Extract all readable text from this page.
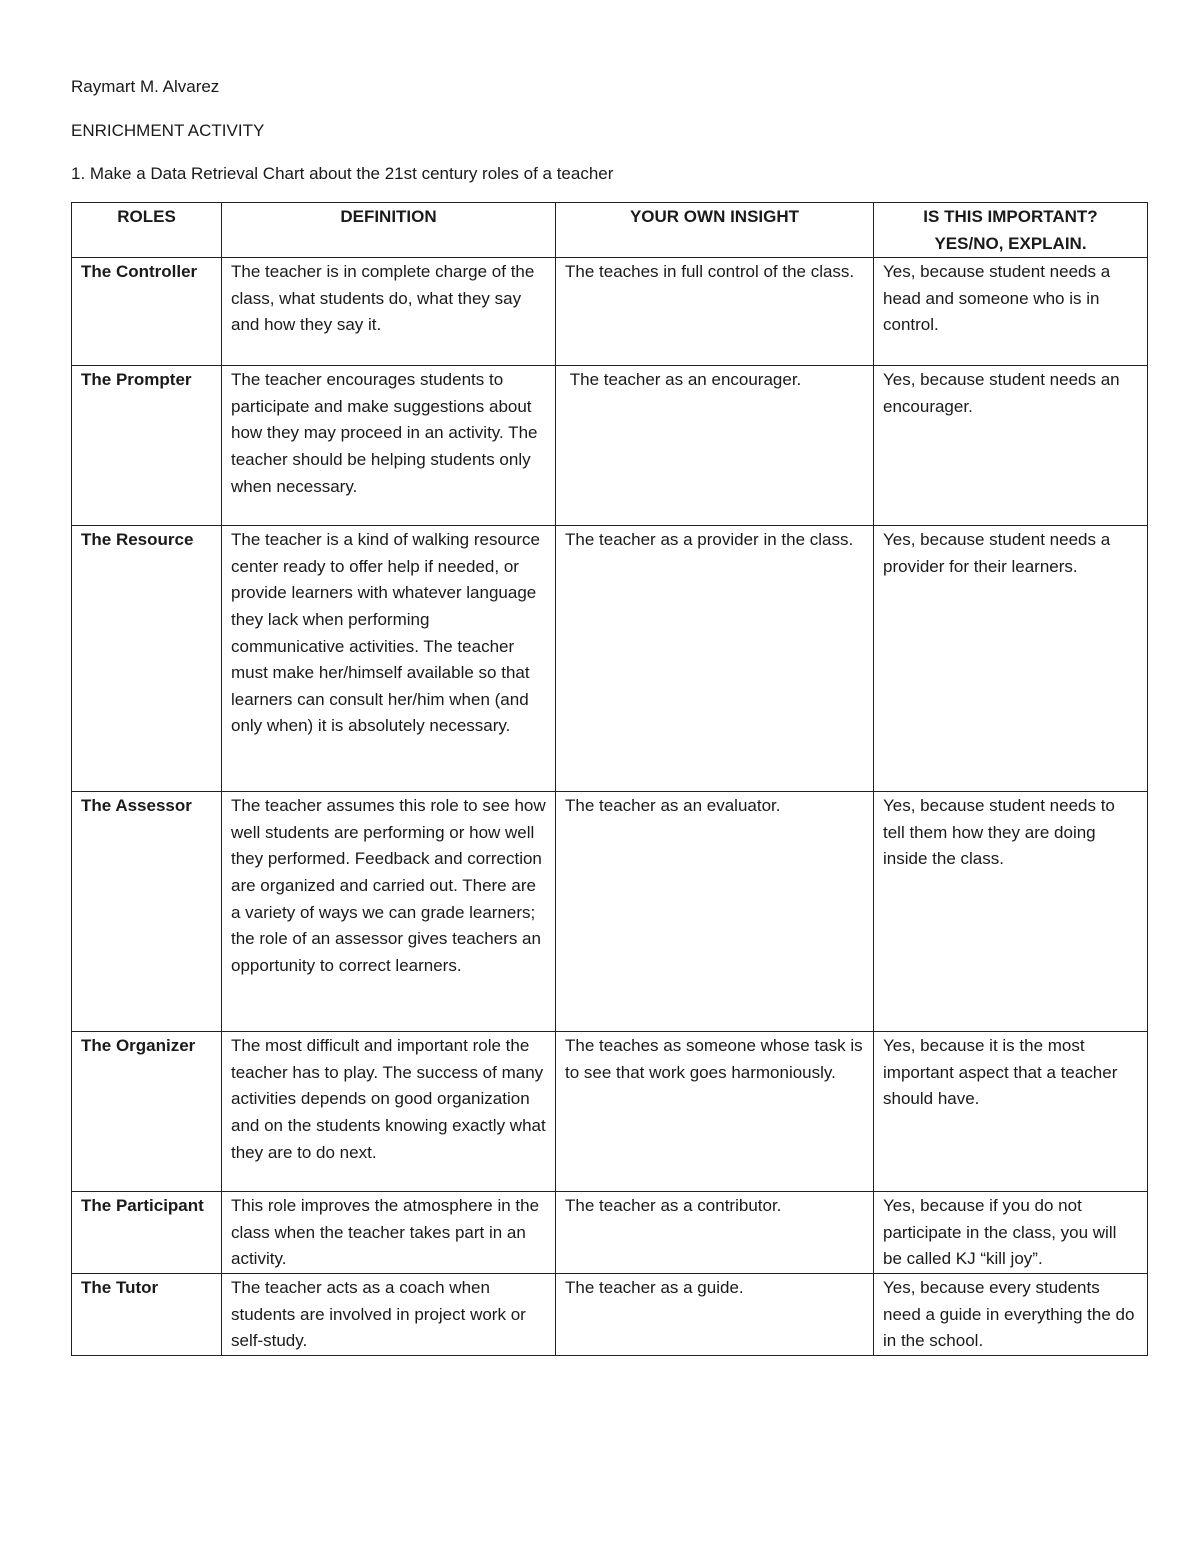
Raymart M. Alvarez
ENRICHMENT ACTIVITY
1. Make a Data Retrieval Chart about the 21st century roles of a teacher
ROLES	DEFINITION	YOUR OWN INSIGHT	IS THIS IMPORTANT?
YES/NO, EXPLAIN.
The Controller	The teacher is in complete charge of the class, what students do, what they say and how they say it.	The teaches in full control of the class.	Yes, because student needs a head and someone who is in control.
The Prompter	The teacher encourages students to participate and make suggestions about how they may proceed in an activity. The teacher should be helping students only when necessary.	The teacher as an encourager.	Yes, because student needs an encourager.
The Resource	The teacher is a kind of walking resource center ready to offer help if needed, or provide learners with whatever language they lack when performing communicative activities. The teacher must make her/himself available so that learners can consult her/him when (and only when) it is absolutely necessary.	The teacher as a provider in the class.	Yes, because student needs a provider for their learners.
The Assessor	The teacher assumes this role to see how well students are performing or how well they performed. Feedback and correction are organized and carried out. There are a variety of ways we can grade learners; the role of an assessor gives teachers an opportunity to correct learners.	The teacher as an evaluator.	Yes, because student needs to tell them how they are doing inside the class.
The Organizer	The most difficult and important role the teacher has to play. The success of many activities depends on good organization and on the students knowing exactly what they are to do next.	The teaches as someone whose task is to see that work goes harmoniously.	Yes, because it is the most important aspect that a teacher should have.
The Participant	This role improves the atmosphere in the class when the teacher takes part in an activity.	The teacher as a contributor.	Yes, because if you do not participate in the class, you will be called KJ “kill joy”.
The Tutor	The teacher acts as a coach when students are involved in project work or self-study.	The teacher as a guide.	Yes, because every students need a guide in everything the do in the school.
